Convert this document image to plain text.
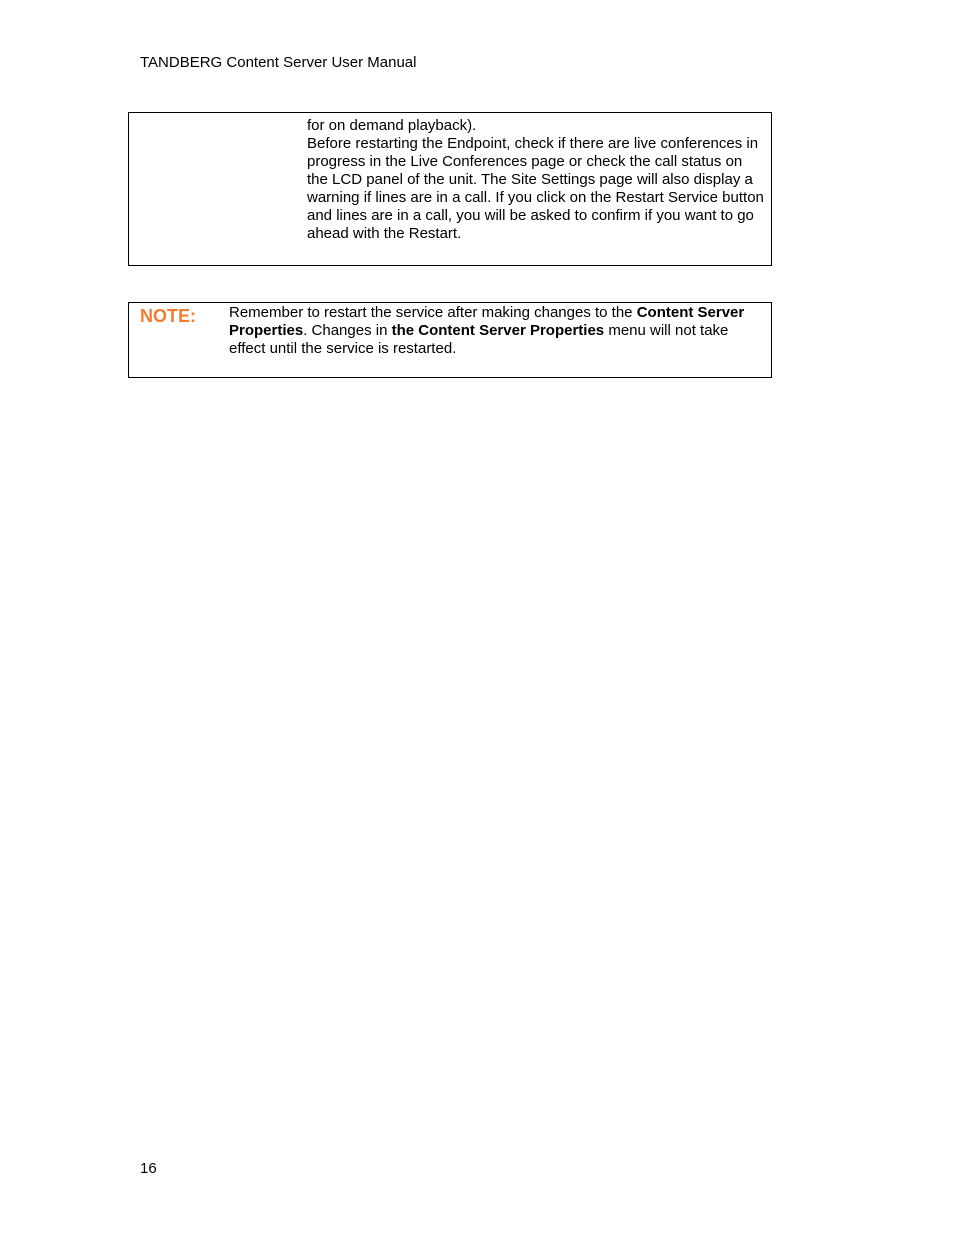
TANDBERG Content Server User Manual

for on demand playback).

Before restarting the Endpoint, check if there are live conferences in progress in the Live Conferences page or check the call status on the LCD panel of the unit. The Site Settings page will also display a warning if lines are in a call. If you click on the Restart Service button and lines are in a call, you will be asked to confirm if you want to go ahead with the Restart.

NOTE: Remember to restart the service after making changes to the Content Server Properties. Changes in the Content Server Properties menu will not take effect until the service is restarted.
16
